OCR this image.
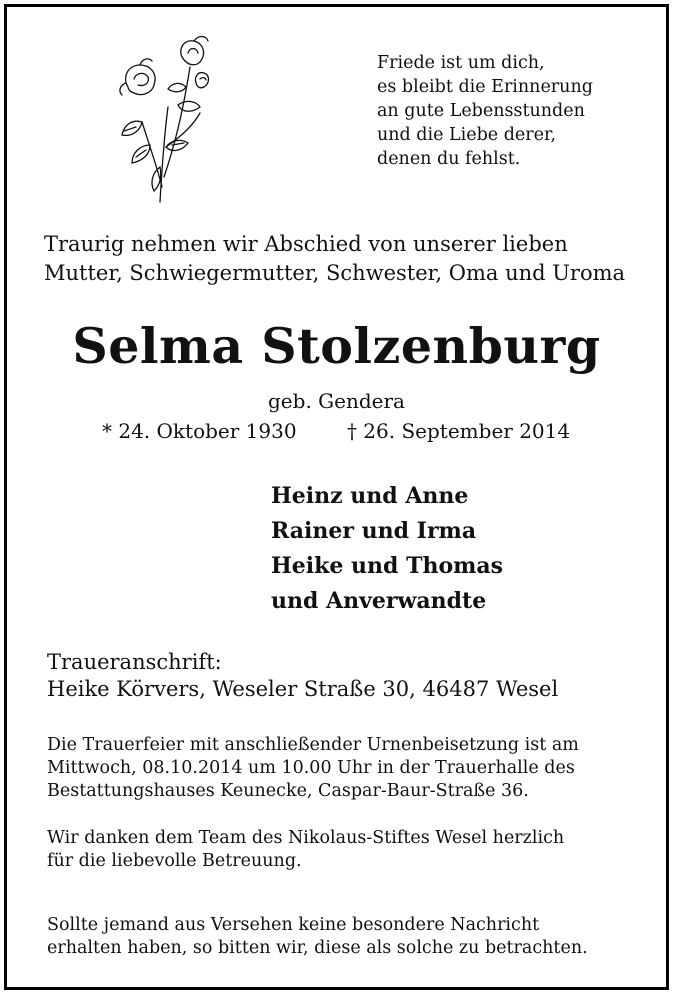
Friede ist um dich,
es bleibt die Erinnerung
an gute Lebensstunden
und die Liebe derer,
denen du fehlst.
Traurig nehmen wir Abschied von unserer lieben
Mutter, Schwiegermutter, Schwester, Oma und Uroma
Selma Stolzenburg
geb. Gendera
* 24. Oktober 1930	† 26. September 2014
Heinz und Anne
Rainer und Irma
Heike und Thomas
und Anverwandte
Traueranschrift:
Heike Körvers, Weseler Straße 30, 46487 Wesel
Die Trauerfeier mit anschließender Urnenbeisetzung ist am
Mittwoch, 08.10.2014 um 10.00 Uhr in der Trauerhalle des
Bestattungshauses Keunecke, Caspar-Baur-Straße 36.
Wir danken dem Team des Nikolaus-Stiftes Wesel herzlich
für die liebevolle Betreuung.
Sollte jemand aus Versehen keine besondere Nachricht
erhalten haben, so bitten wir, diese als solche zu betrachten.
